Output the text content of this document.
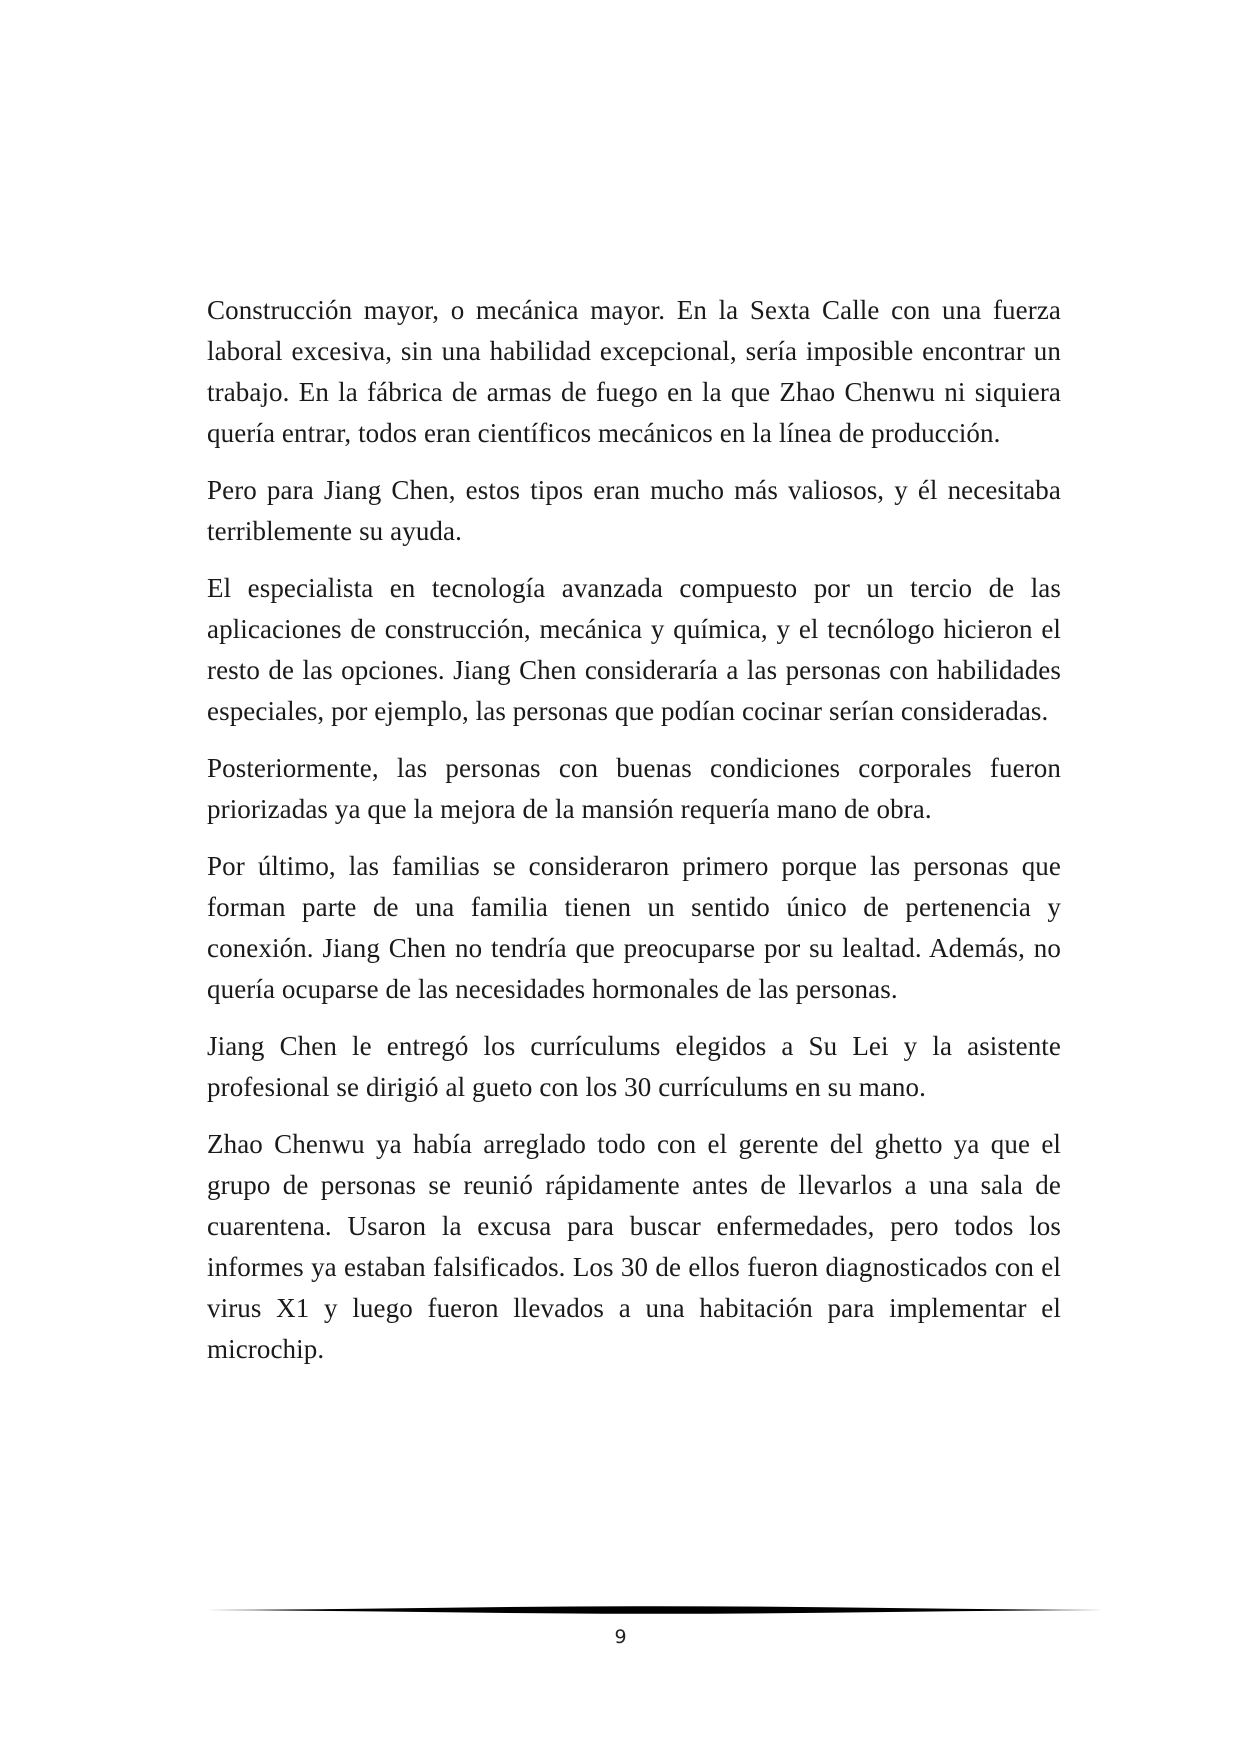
Construcción mayor, o mecánica mayor. En la Sexta Calle con una fuerza laboral excesiva, sin una habilidad excepcional, sería imposible encontrar un trabajo. En la fábrica de armas de fuego en la que Zhao Chenwu ni siquiera quería entrar, todos eran científicos mecánicos en la línea de producción.

Pero para Jiang Chen, estos tipos eran mucho más valiosos, y él necesitaba terriblemente su ayuda.

El especialista en tecnología avanzada compuesto por un tercio de las aplicaciones de construcción, mecánica y química, y el tecnólogo hicieron el resto de las opciones. Jiang Chen consideraría a las personas con habilidades especiales, por ejemplo, las personas que podían cocinar serían consideradas.

Posteriormente, las personas con buenas condiciones corporales fueron priorizadas ya que la mejora de la mansión requería mano de obra.

Por último, las familias se consideraron primero porque las personas que forman parte de una familia tienen un sentido único de pertenencia y conexión. Jiang Chen no tendría que preocuparse por su lealtad. Además, no quería ocuparse de las necesidades hormonales de las personas.

Jiang Chen le entregó los currículums elegidos a Su Lei y la asistente profesional se dirigió al gueto con los 30 currículums en su mano.

Zhao Chenwu ya había arreglado todo con el gerente del ghetto ya que el grupo de personas se reunió rápidamente antes de llevarlos a una sala de cuarentena. Usaron la excusa para buscar enfermedades, pero todos los informes ya estaban falsificados. Los 30 de ellos fueron diagnosticados con el virus X1 y luego fueron llevados a una habitación para implementar el microchip.

9
